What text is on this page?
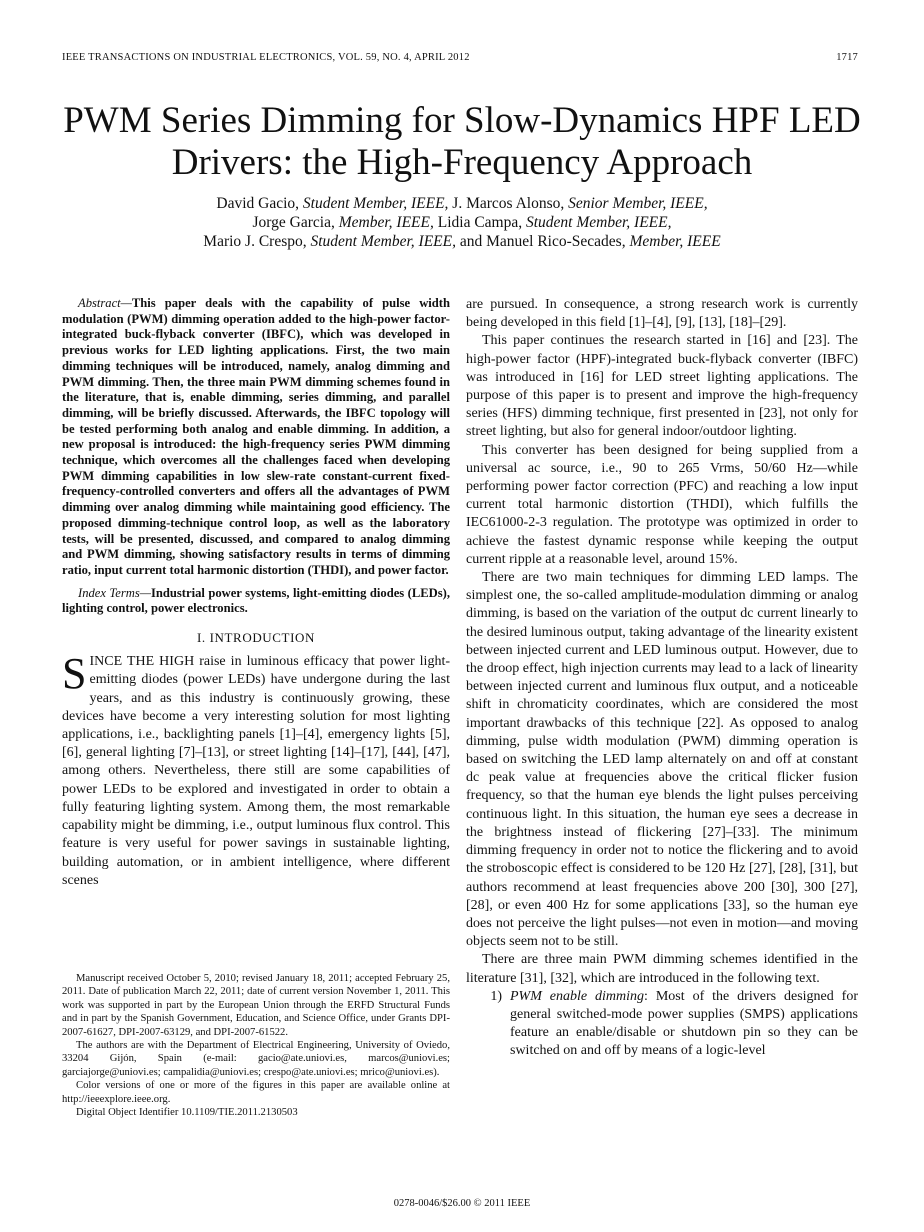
IEEE TRANSACTIONS ON INDUSTRIAL ELECTRONICS, VOL. 59, NO. 4, APRIL 2012	1717
PWM Series Dimming for Slow-Dynamics HPF LED
Drivers: the High-Frequency Approach
David Gacio, Student Member, IEEE, J. Marcos Alonso, Senior Member, IEEE,
Jorge Garcia, Member, IEEE, Lidia Campa, Student Member, IEEE,
Mario J. Crespo, Student Member, IEEE, and Manuel Rico-Secades, Member, IEEE

Abstract—This paper deals with the capability of pulse width modulation (PWM) dimming operation added to the high-power factor-integrated buck-flyback converter (IBFC), which was developed in previous works for LED lighting applications. First, the two main dimming techniques will be introduced, namely, analog dimming and PWM dimming. Then, the three main PWM dimming schemes found in the literature, that is, enable dimming, series dimming, and parallel dimming, will be briefly discussed. Afterwards, the IBFC topology will be tested performing both analog and enable dimming. In addition, a new proposal is introduced: the high-frequency series PWM dimming technique, which overcomes all the challenges faced when developing PWM dimming capabilities in low slew-rate constant-current fixed-frequency-controlled converters and offers all the advantages of PWM dimming over analog dimming while maintaining good efficiency. The proposed dimming-technique control loop, as well as the laboratory tests, will be presented, discussed, and compared to analog dimming and PWM dimming, showing satisfactory results in terms of dimming ratio, input current total harmonic distortion (THDI), and power factor.

Index Terms—Industrial power systems, light-emitting diodes (LEDs), lighting control, power electronics.

I. INTRODUCTION

SINCE THE HIGH raise in luminous efficacy that power light-emitting diodes (power LEDs) have undergone during the last years, and as this industry is continuously growing, these devices have become a very interesting solution for most lighting applications, i.e., backlighting panels [1]–[4], emergency lights [5], [6], general lighting [7]–[13], or street lighting [14]–[17], [44], [47], among others. Nevertheless, there still are some capabilities of power LEDs to be explored and investigated in order to obtain a fully featuring lighting system. Among them, the most remarkable capability might be dimming, i.e., output luminous flux control. This feature is very useful for power savings in sustainable lighting, building automation, or in ambient intelligence, where different scenes

Manuscript received October 5, 2010; revised January 18, 2011; accepted February 25, 2011. Date of publication March 22, 2011; date of current version November 1, 2011. This work was supported in part by the European Union through the ERFD Structural Funds and in part by the Spanish Government, Education, and Science Office, under Grants DPI-2007-61627, DPI-2007-63129, and DPI-2007-61522.

The authors are with the Department of Electrical Engineering, University of Oviedo, 33204 Gijón, Spain (e-mail: gacio@ate.uniovi.es, marcos@uniovi.es; garciajorge@uniovi.es; campalidia@uniovi.es; crespo@ate.uniovi.es; mrico@uniovi.es).

Color versions of one or more of the figures in this paper are available online at http://ieeexplore.ieee.org.

Digital Object Identifier 10.1109/TIE.2011.2130503

are pursued. In consequence, a strong research work is currently being developed in this field [1]–[4], [9], [13], [18]–[29].

This paper continues the research started in [16] and [23]. The high-power factor (HPF)-integrated buck-flyback converter (IBFC) was introduced in [16] for LED street lighting applications. The purpose of this paper is to present and improve the high-frequency series (HFS) dimming technique, first presented in [23], not only for street lighting, but also for general indoor/outdoor lighting.

This converter has been designed for being supplied from a universal ac source, i.e., 90 to 265 Vrms, 50/60 Hz—while performing power factor correction (PFC) and reaching a low input current total harmonic distortion (THDI), which fulfills the IEC61000-2-3 regulation. The prototype was optimized in order to achieve the fastest dynamic response while keeping the output current ripple at a reasonable level, around 15%.

There are two main techniques for dimming LED lamps. The simplest one, the so-called amplitude-modulation dimming or analog dimming, is based on the variation of the output dc current linearly to the desired luminous output, taking advantage of the linearity existent between injected current and LED luminous output. However, due to the droop effect, high injection currents may lead to a lack of linearity between injected current and luminous flux output, and a noticeable shift in chromaticity coordinates, which are considered the most important drawbacks of this technique [22]. As opposed to analog dimming, pulse width modulation (PWM) dimming operation is based on switching the LED lamp alternately on and off at constant dc peak value at frequencies above the critical flicker fusion frequency, so that the human eye blends the light pulses perceiving continuous light. In this situation, the human eye sees a decrease in the brightness instead of flickering [27]–[33]. The minimum dimming frequency in order not to notice the flickering and to avoid the stroboscopic effect is considered to be 120 Hz [27], [28], [31], but authors recommend at least frequencies above 200 [30], 300 [27], [28], or even 400 Hz for some applications [33], so the human eye does not perceive the light pulses—not even in motion—and moving objects seem not to be still.

There are three main PWM dimming schemes identified in the literature [31], [32], which are introduced in the following text.

1) PWM enable dimming: Most of the drivers designed for general switched-mode power supplies (SMPS) applications feature an enable/disable or shutdown pin so they can be switched on and off by means of a logic-level

0278-0046/$26.00 © 2011 IEEE
